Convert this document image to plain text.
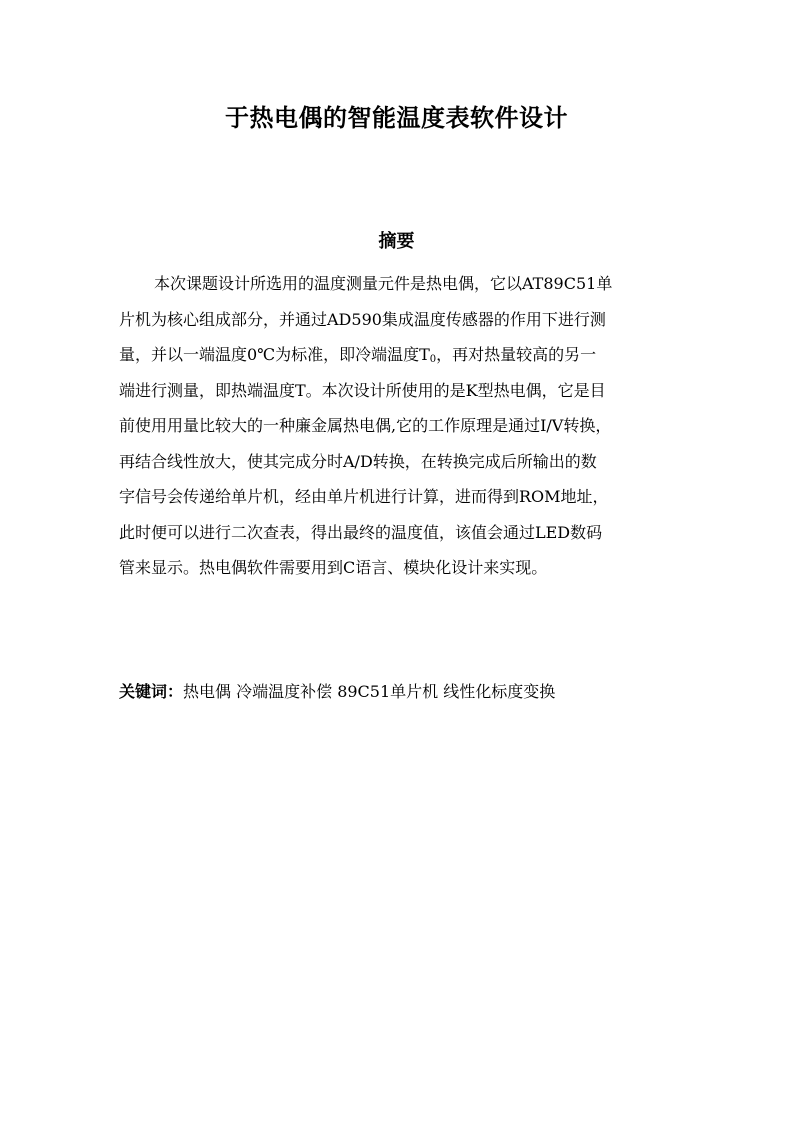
于热电偶的智能温度表软件设计
摘要
本次课题设计所选用的温度测量元件是热电偶，它以AT89C51单
片机为核心组成部分，并通过AD590集成温度传感器的作用下进行测
量，并以一端温度0℃为标准，即冷端温度$T_0$，再对热量较高的另一
端进行测量，即热端温度T。本次设计所使用的是K型热电偶，它是目
前使用用量比较大的一种廉金属热电偶,它的工作原理是通过I/V转换，
再结合线性放大，使其完成分时A/D转换，在转换完成后所输出的数
字信号会传递给单片机，经由单片机进行计算，进而得到ROM地址，
此时便可以进行二次查表，得出最终的温度值，该值会通过LED数码
管来显示。热电偶软件需要用到C语言、模块化设计来实现。
关键词：热电偶 冷端温度补偿 89C51单片机 线性化标度变换
